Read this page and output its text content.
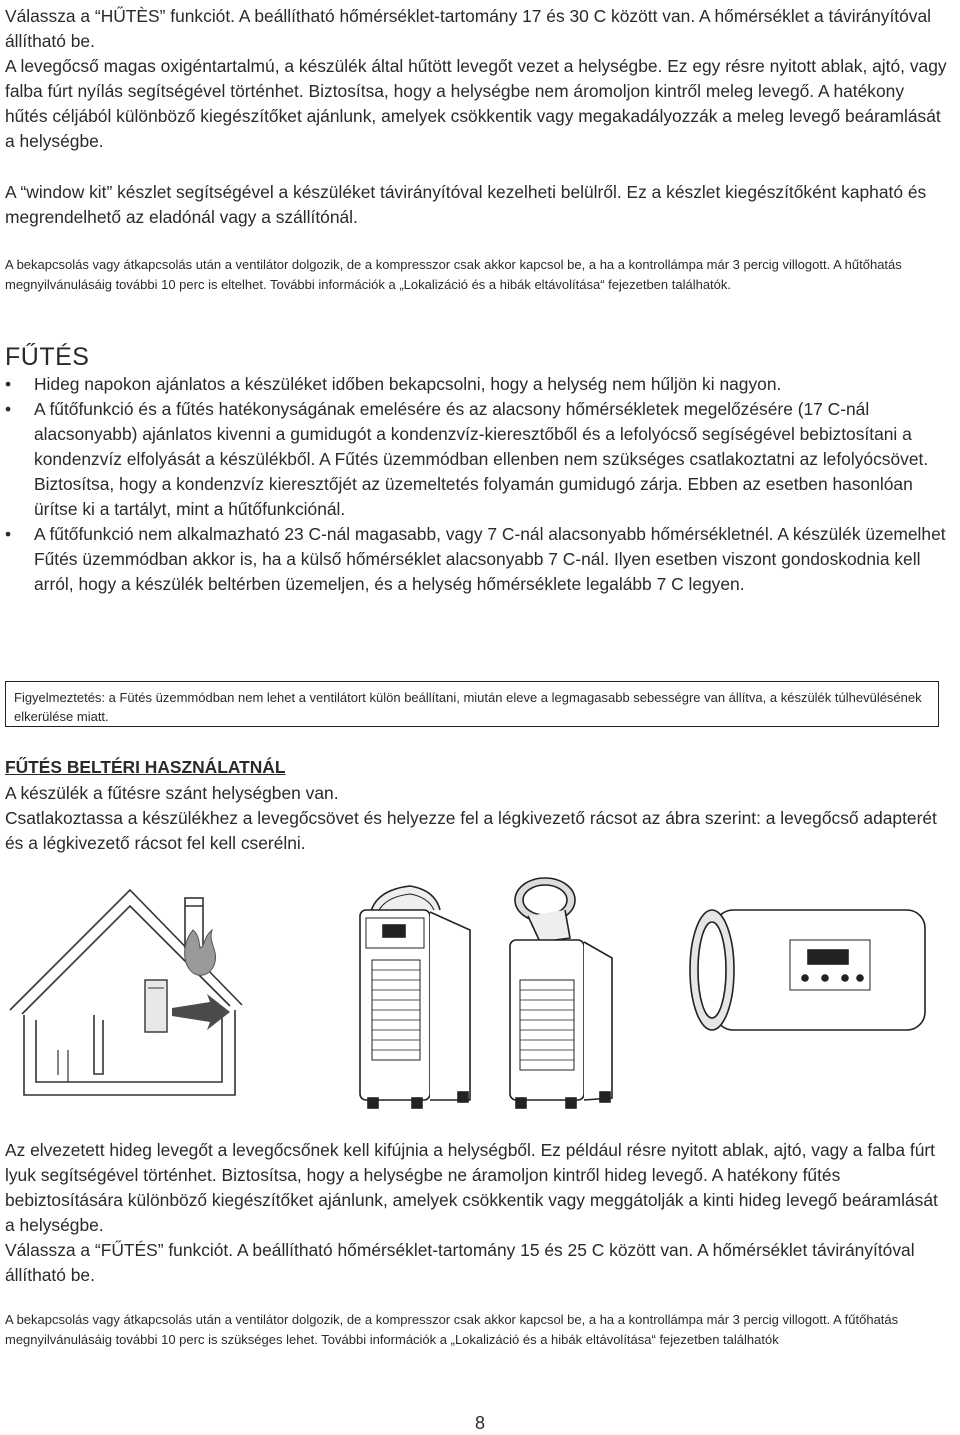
Válassza a “HŰTÈS” funkciót. A beállítható hőmérséklet-tartomány 17 és 30 C között van. A hőmérséklet a távirányítóval állítható be.

A levegőcső magas oxigéntartalmú, a készülék által hűtött levegőt vezet a helységbe. Ez egy résre nyitott ablak, ajtó, vagy falba fúrt nyílás segítségével történhet. Biztosítsa, hogy a helységbe nem áromoljon kintről meleg levegő. A hatékony hűtés céljából különböző kiegészítőket ajánlunk, amelyek csökkentik vagy megakadályozzák a meleg levegő beáramlását a helységbe.

A “window kit” készlet segítségével a készüléket távirányítóval kezelheti belülről. Ez a készlet kiegészítőként kapható és megrendelhető az eladónál vagy a szállítónál.

A bekapcsolás vagy átkapcsolás után a ventilátor dolgozik, de a kompresszor csak akkor kapcsol be, a ha a kontrollámpa már 3 percig villogott. A hűtőhatás megnyilvánulásáig további 10 perc is eltelhet. További információk a „Lokalizáció és a hibák eltávolítása“ fejezetben találhatók.

FŰTÉS
• Hideg napokon ajánlatos a készüléket időben bekapcsolni, hogy a helység nem hűljön ki nagyon.
• A fűtőfunkció és a fűtés hatékonyságának emelésére és az alacsony hőmérsékletek megelőzésére (17 C-nál alacsonyabb) ajánlatos kivenni a gumidugót a kondenzvíz-kieresztőből és a lefolyócső segíségével bebiztosítani a kondenzvíz elfolyását a készülékből. A Fűtés üzemmódban ellenben nem szükséges csatlakoztatni az lefolyócsövet. Biztosítsa, hogy a kondenzvíz kieresztőjét az üzemeltetés folyamán gumidugó zárja. Ebben az esetben hasonlóan ürítse ki a tartályt, mint a hűtőfunkciónál.
• A fűtőfunkció nem alkalmazható 23 C-nál magasabb, vagy 7 C-nál alacsonyabb hőmérsékletnél. A készülék üzemelhet Fűtés üzemmódban akkor is, ha a külső hőmérséklet alacsonyabb 7 C-nál. Ilyen esetben viszont gondoskodnia kell arról, hogy a készülék beltérben üzemeljen, és a helység hőmérséklete legalább 7 C legyen.
Figyelmeztetés: a Fütés üzemmódban nem lehet a ventilátort külön beállítani, miután eleve a legmagasabb sebességre van állítva, a készülék túlhevülésének elkerülése miatt.
FŰTÉS BELTÉRI HASZNÁLATNÁL

A készülék a fűtésre szánt helységben van.

Csatlakoztassa a készülékhez a levegőcsövet és helyezze fel a légkivezető rácsot az ábra szerint: a levegőcső adapterét és a légkivezető rácsot fel kell cserélni.

Az elvezetett hideg levegőt a levegőcsőnek kell kifújnia a helységből. Ez például résre nyitott ablak, ajtó, vagy a falba fúrt lyuk segítségével történhet. Biztosítsa, hogy a helységbe ne áramoljon kintről hideg levegő. A hatékony fűtés bebiztosítására különböző kiegészítőket ajánlunk, amelyek csökkentik vagy meggátolják a kinti hideg levegő beáramlását a helységbe.

Válassza a “FŰTÉS” funkciót. A beállítható hőmérséklet-tartomány 15 és 25 C között van. A hőmérséklet távirányítóval állítható be.

A bekapcsolás vagy átkapcsolás után a ventilátor dolgozik, de a kompresszor csak akkor kapcsol be, a ha a kontrollámpa már 3 percig villogott. A fűtőhatás megnyilvánulásáig további 10 perc is szükséges lehet. További információk a „Lokalizáció és a hibák eltávolítása“ fejezetben találhatók

8
